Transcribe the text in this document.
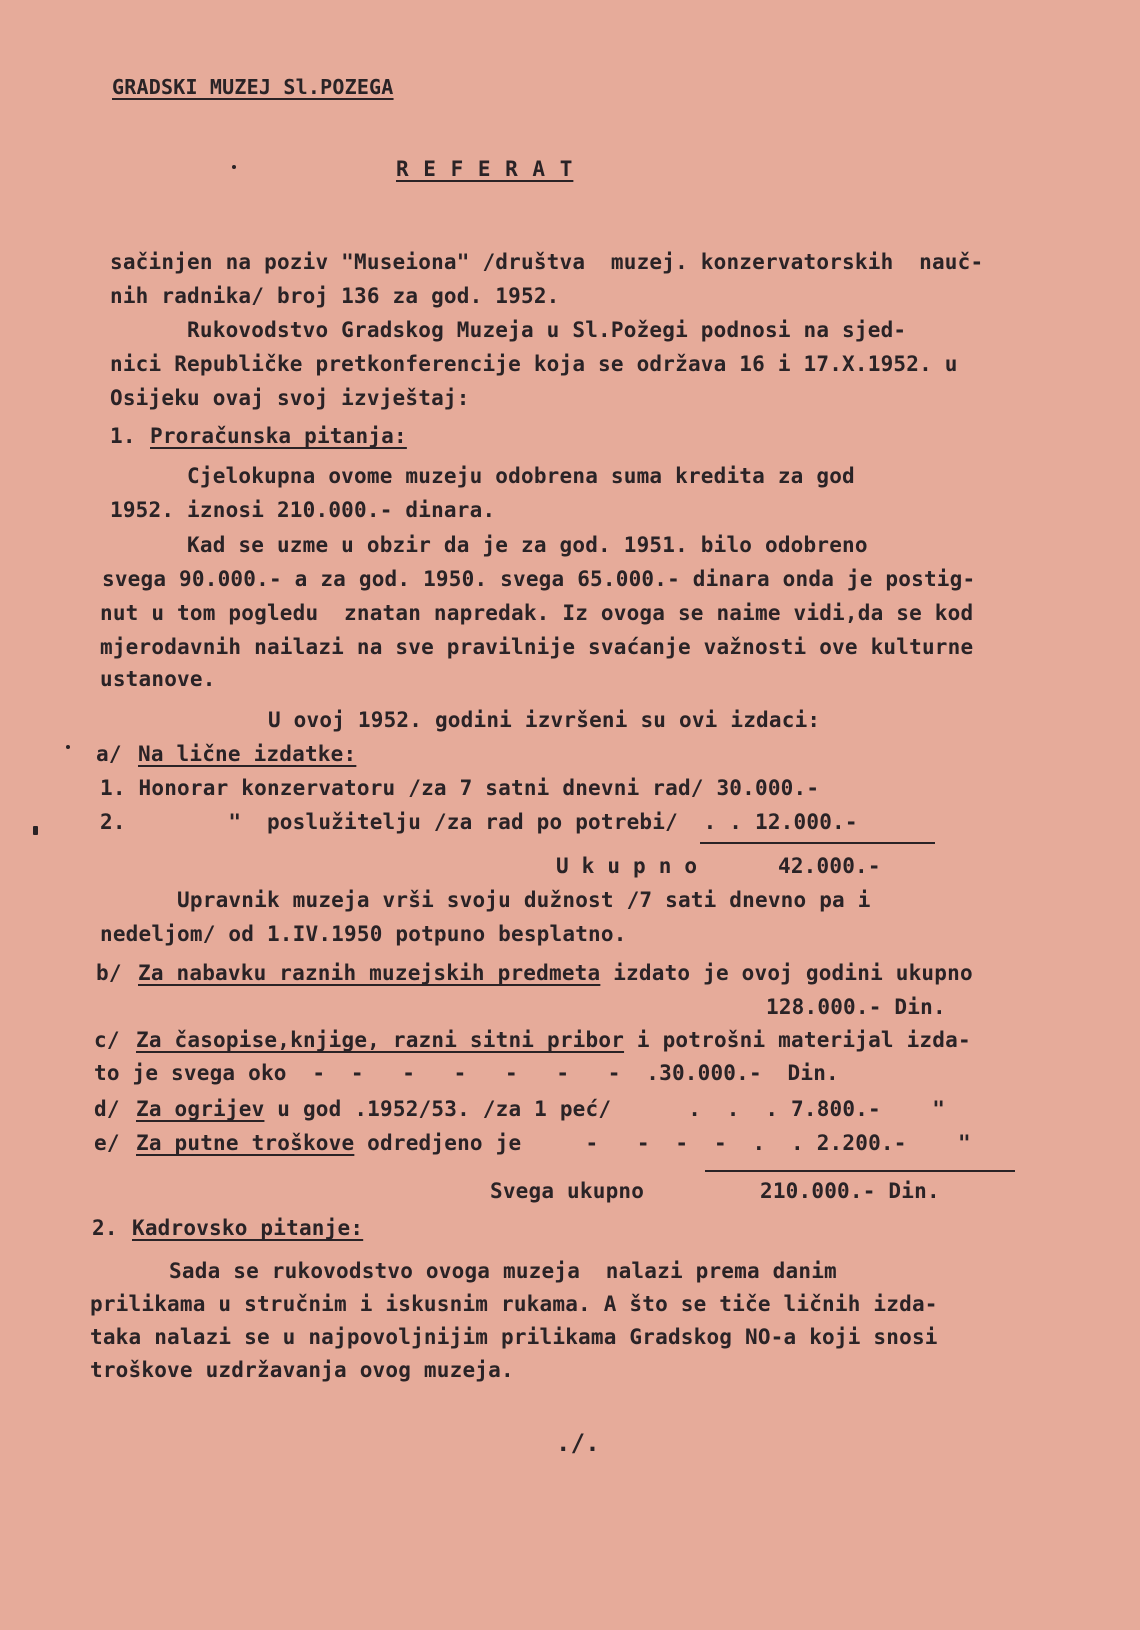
GRADSKI MUZEJ Sl.POZEGA
R E F E R A T
sačinjen na poziv "Museiona" /društva  muzej. konzervatorskih  nauč-
nih radnika/ broj 136 za god. 1952.
Rukovodstvo Gradskog Muzeja u Sl.Požegi podnosi na sjed-
nici Republičke pretkonferencije koja se održava 16 i 17.X.1952. u
Osijeku ovaj svoj izvještaj:
1. Proračunska pitanja:
Cjelokupna ovome muzeju odobrena suma kredita za god
1952. iznosi 210.000.- dinara.
Kad se uzme u obzir da je za god. 1951. bilo odobreno
svega 90.000.- a za god. 1950. svega 65.000.- dinara onda je postig-
nut u tom pogledu  znatan napredak. Iz ovoga se naime vidi,da se kod
mjerodavnih nailazi na sve pravilnije svaćanje važnosti ove kulturne
ustanove.
U ovoj 1952. godini izvršeni su ovi izdaci:
a/ Na lične izdatke:
1. Honorar konzervatoru /za 7 satni dnevni rad/ 30.000.-
2.        "  poslužitelju /za rad po potrebi/  . . 12.000.-
U k u p n o	42.000.-
Upravnik muzeja vrši svoju dužnost /7 sati dnevno pa i
nedeljom/ od 1.IV.1950 potpuno besplatno.
b/ Za nabavku raznih muzejskih predmeta izdato je ovoj godini ukupno
128.000.- Din.
c/ Za časopise,knjige, razni sitni pribor i potrošni materijal izda-
to je svega oko  -  -   -   -   -   -   -  .30.000.-  Din.
d/ Za ogrijev u god .1952/53. /za 1 peć/      .  .  . 7.800.-    "
e/ Za putne troškove odredjeno je     -   -  -  -  .  . 2.200.-    "
Svega ukupno	210.000.- Din.
2. Kadrovsko pitanje:
Sada se rukovodstvo ovoga muzeja  nalazi prema danim
prilikama u stručnim i iskusnim rukama. A što se tiče ličnih izda-
taka nalazi se u najpovoljnijim prilikama Gradskog NO-a koji snosi
troškove uzdržavanja ovog muzeja.
./.
